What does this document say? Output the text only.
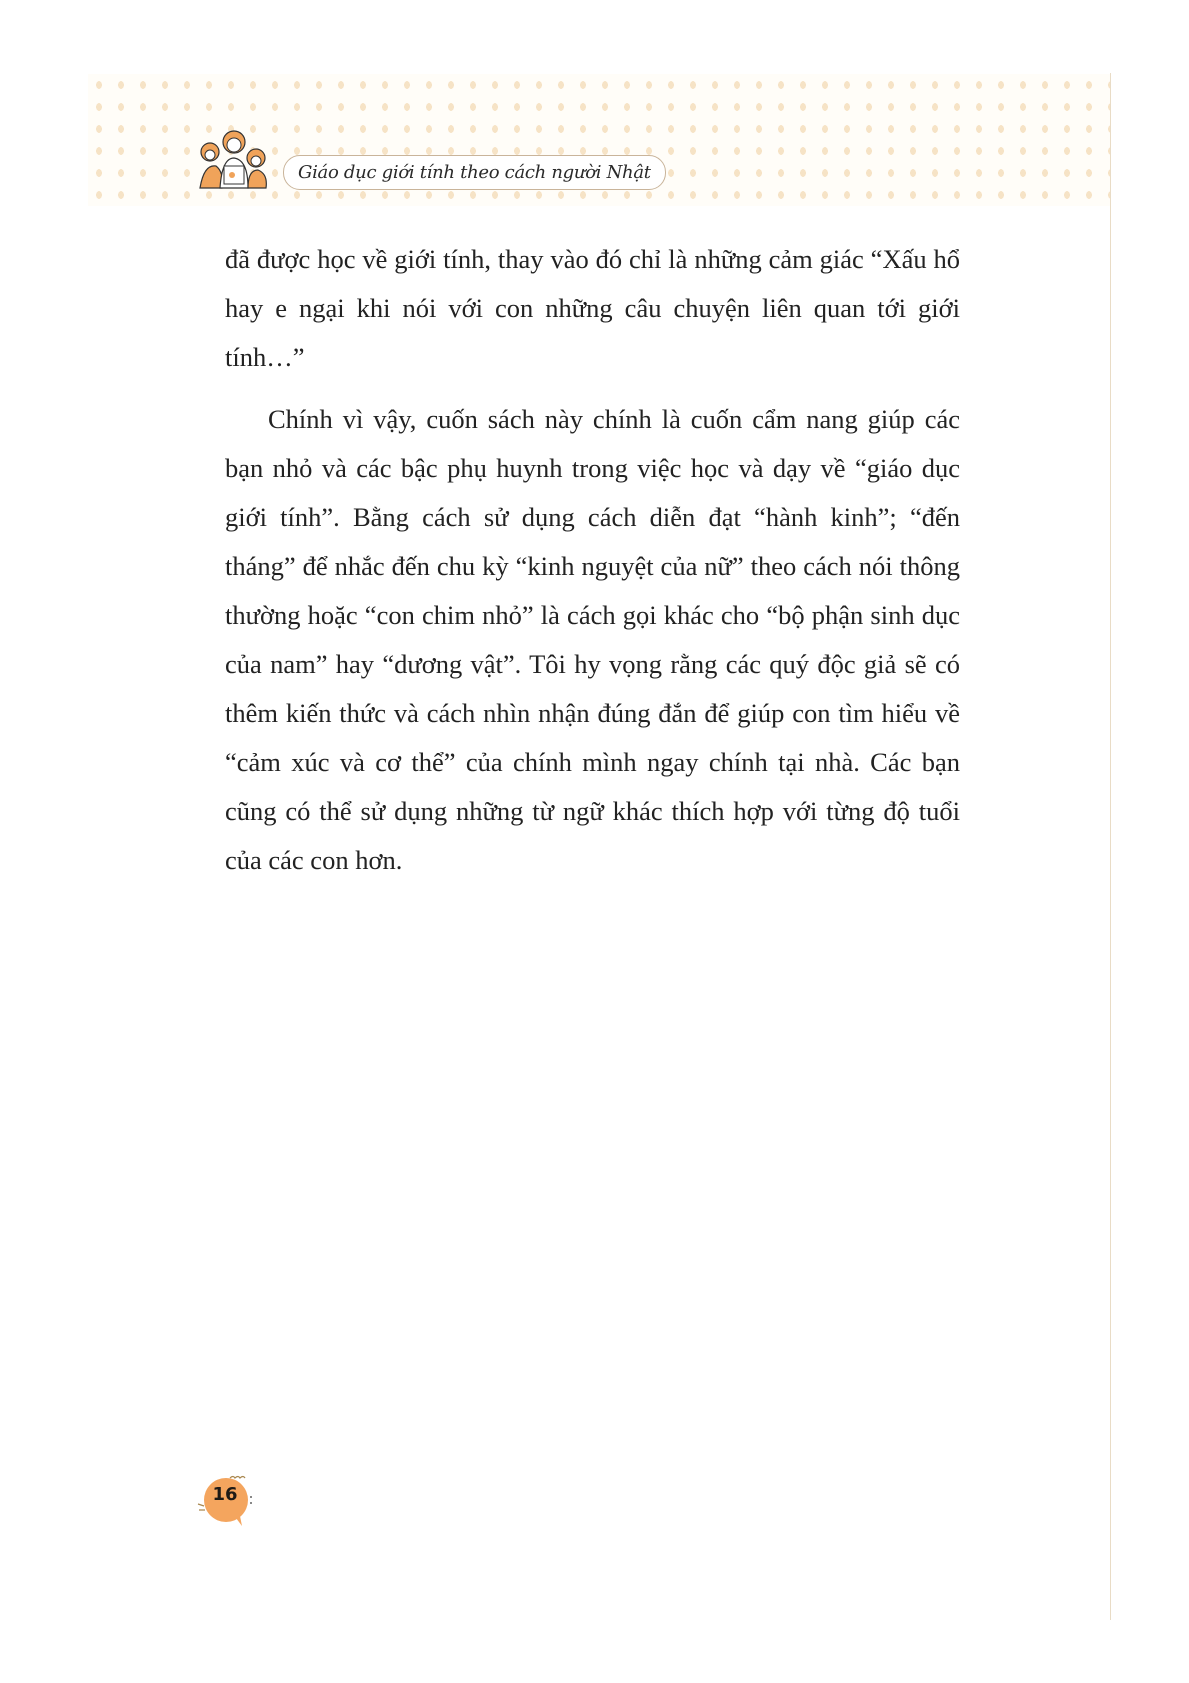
Giáo dục giới tính theo cách người Nhật

đã được học về giới tính, thay vào đó chỉ là những cảm giác “Xấu hổ hay e ngại khi nói với con những câu chuyện liên quan tới giới tính…”

Chính vì vậy, cuốn sách này chính là cuốn cẩm nang giúp các bạn nhỏ và các bậc phụ huynh trong việc học và dạy về “giáo dục giới tính”. Bằng cách sử dụng cách diễn đạt “hành kinh”; “đến tháng” để nhắc đến chu kỳ “kinh nguyệt của nữ” theo cách nói thông thường hoặc “con chim nhỏ” là cách gọi khác cho “bộ phận sinh dục của nam” hay “dương vật”. Tôi hy vọng rằng các quý độc giả sẽ có thêm kiến thức và cách nhìn nhận đúng đắn để giúp con tìm hiểu về “cảm xúc và cơ thể” của chính mình ngay chính tại nhà. Các bạn cũng có thể sử dụng những từ ngữ khác thích hợp với từng độ tuổi của các con hơn.

16
